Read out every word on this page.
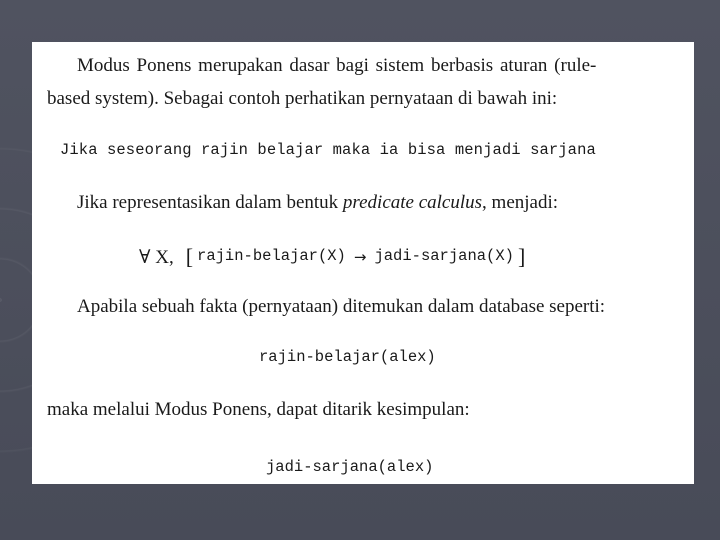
Modus Ponens merupakan dasar bagi sistem berbasis aturan (rule-
based system). Sebagai contoh perhatikan pernyataan di bawah ini:
Jika seseorang rajin belajar maka ia bisa menjadi sarjana
Jika representasikan dalam bentuk predicate calculus, menjadi:
∀ X, [ rajin-belajar(X) → jadi-sarjana(X) ]
Apabila sebuah fakta (pernyataan) ditemukan dalam database seperti:
rajin-belajar(alex)
maka melalui Modus Ponens, dapat ditarik kesimpulan:
jadi-sarjana(alex)
